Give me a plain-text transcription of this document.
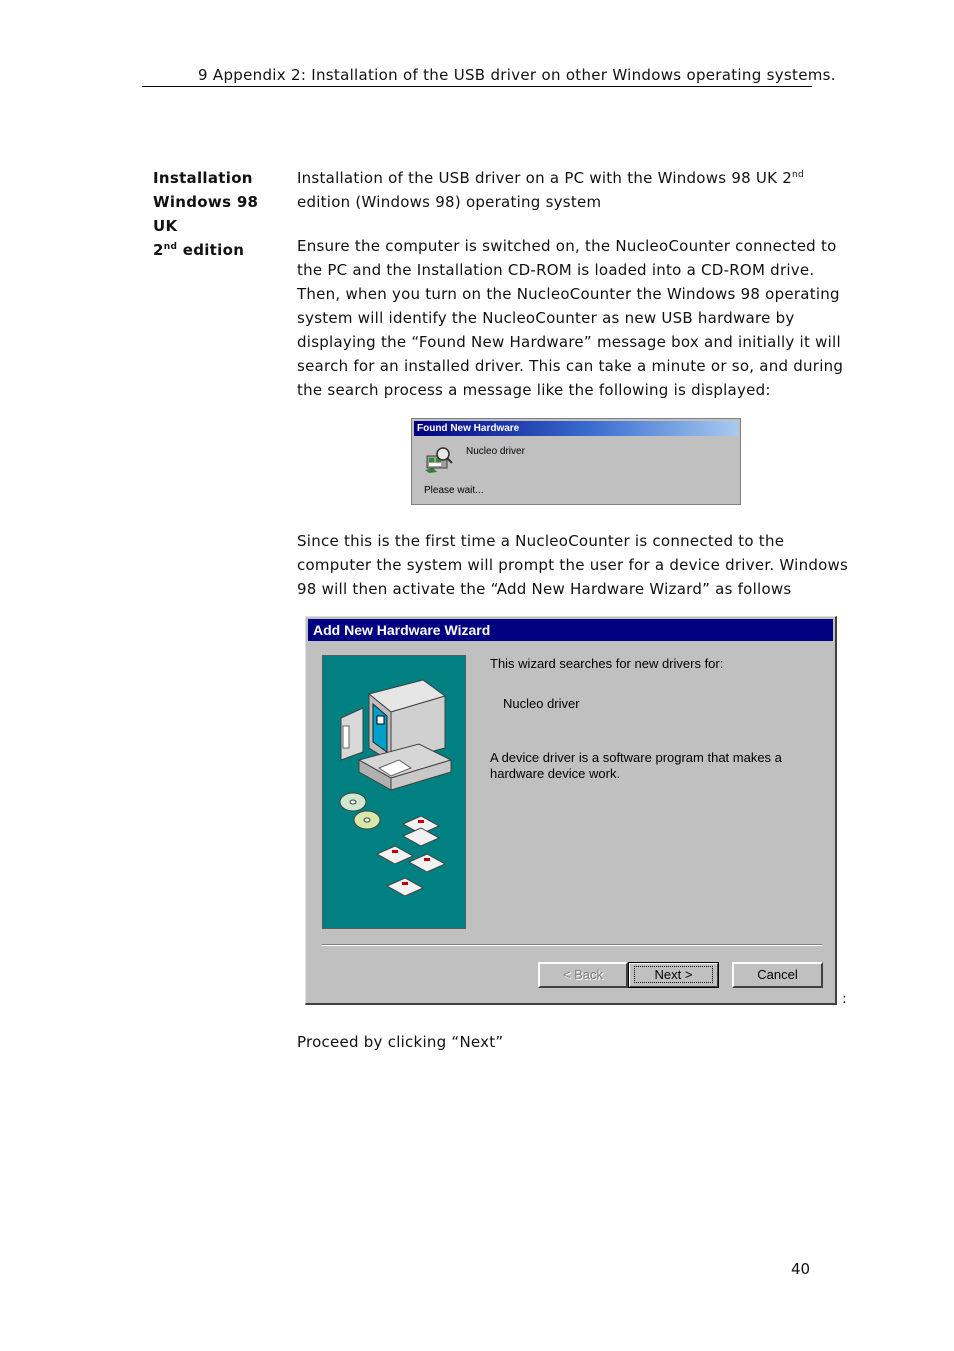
9 Appendix 2: Installation of the USB driver on other Windows operating systems.
Installation
Windows 98 UK
2nd edition

Installation of the USB driver on a PC with the Windows 98 UK 2nd edition (Windows 98) operating system

Ensure the computer is switched on, the NucleoCounter connected to the PC and the Installation CD-ROM is loaded into a CD-ROM drive. Then, when you turn on the NucleoCounter the Windows 98 operating system will identify the NucleoCounter as new USB hardware by displaying the “Found New Hardware” message box and initially it will search for an installed driver. This can take a minute or so, and during the search process a message like the following is displayed:

Found New Hardware
Nucleo driver
Please wait...

Since this is the first time a NucleoCounter is connected to the computer the system will prompt the user for a device driver. Windows 98 will then activate the “Add New Hardware Wizard” as follows

Add New Hardware Wizard
This wizard searches for new drivers for:
Nucleo driver
A device driver is a software program that makes a hardware device work.
< Back	Next >	Cancel
:

Proceed by clicking “Next”

40
